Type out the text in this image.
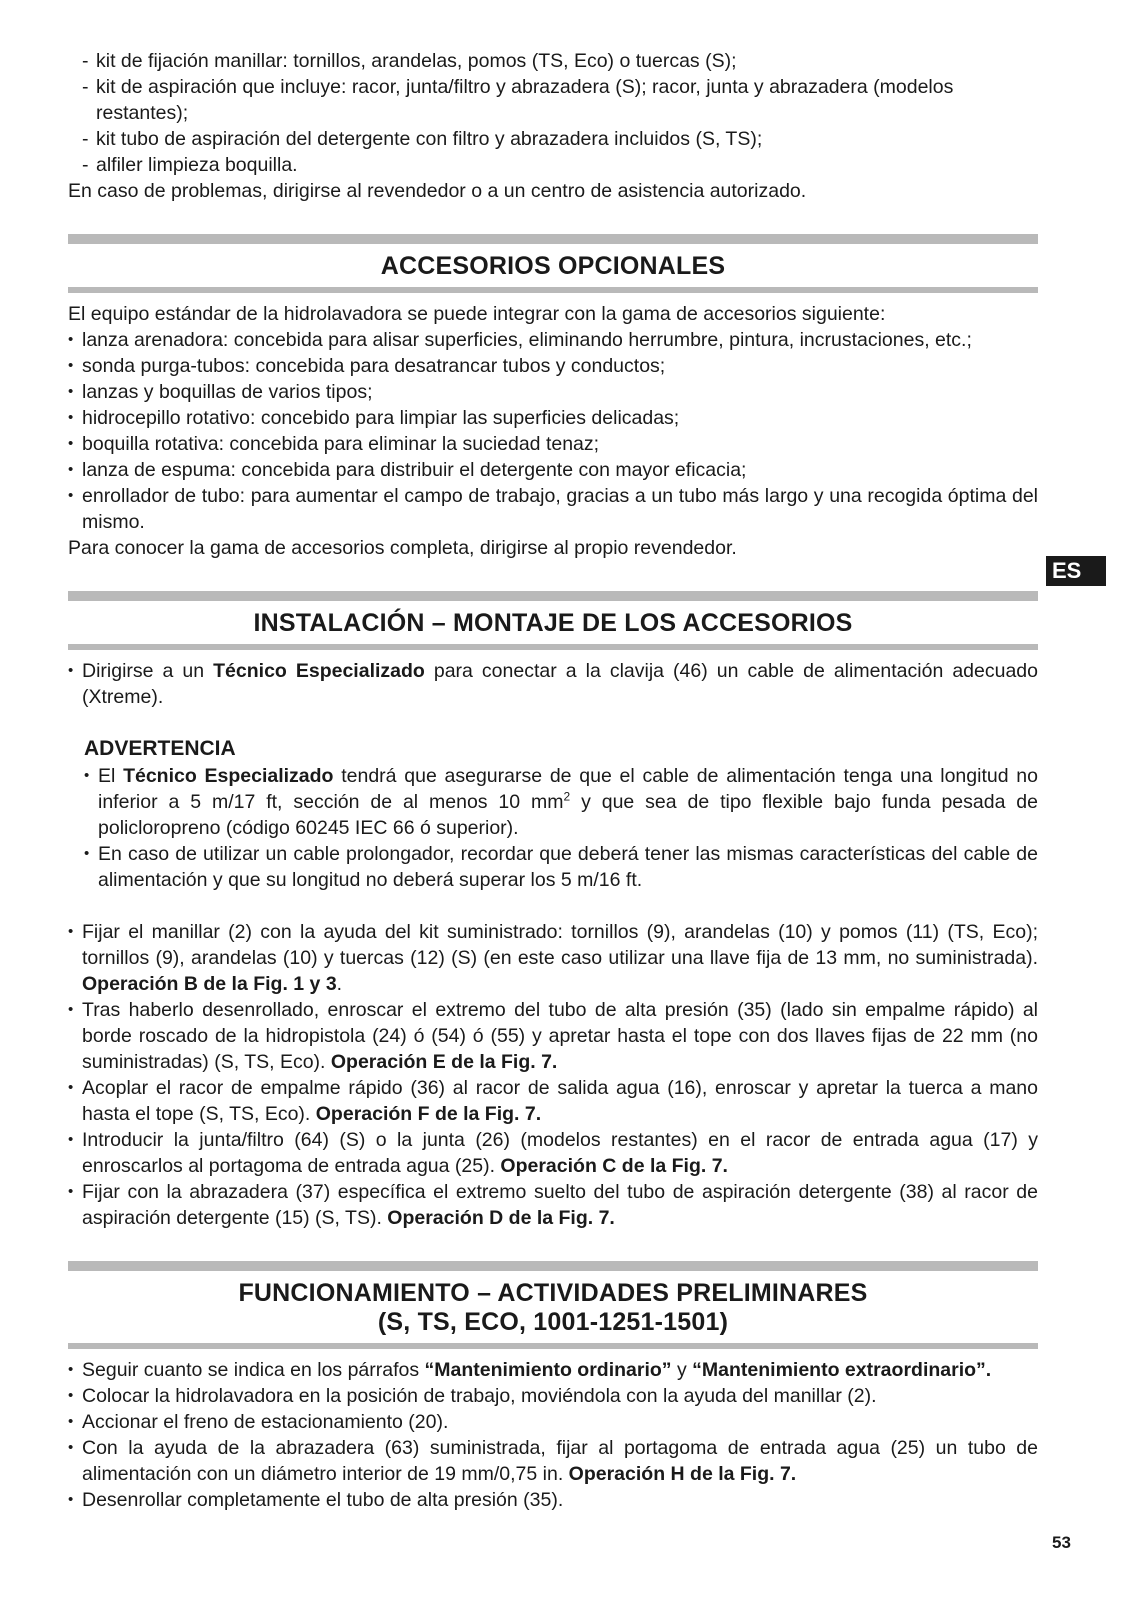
- kit de fijación manillar: tornillos, arandelas, pomos (TS, Eco) o tuercas (S);
- kit de aspiración que incluye: racor, junta/filtro y abrazadera (S); racor, junta y abrazadera (modelos restantes);
- kit tubo de aspiración del detergente con filtro y abrazadera incluidos (S, TS);
- alfiler limpieza boquilla.

En caso de problemas, dirigirse al revendedor o a un centro de asistencia autorizado.

ACCESORIOS OPCIONALES

El equipo estándar de la hidrolavadora se puede integrar con la gama de accesorios siguiente:

• lanza arenadora: concebida para alisar superficies, eliminando herrumbre, pintura, incrustaciones, etc.;
• sonda purga-tubos: concebida para desatrancar tubos y conductos;
• lanzas y boquillas de varios tipos;
• hidrocepillo rotativo: concebido para limpiar las superficies delicadas;
• boquilla rotativa: concebida para eliminar la suciedad tenaz;
• lanza de espuma: concebida para distribuir el detergente con mayor eficacia;
• enrollador de tubo: para aumentar el campo de trabajo, gracias a un tubo más largo y una recogida óptima del mismo.

Para conocer la gama de accesorios completa, dirigirse al propio revendedor.

INSTALACIÓN – MONTAJE DE LOS ACCESORIOS
• Dirigirse a un Técnico Especializado para conectar a la clavija (46) un cable de alimentación adecuado (Xtreme).
ADVERTENCIA
• El Técnico Especializado tendrá que asegurarse de que el cable de alimentación tenga una longitud no inferior a 5 m/17 ft, sección de al menos 10 $mm^2$ y que sea de tipo flexible bajo funda pesada de policloropreno (código 60245 IEC 66 ó superior).
• En caso de utilizar un cable prolongador, recordar que deberá tener las mismas características del cable de alimentación y que su longitud no deberá superar los 5 m/16 ft.
• Fijar el manillar (2) con la ayuda del kit suministrado: tornillos (9), arandelas (10) y pomos (11) (TS, Eco); tornillos (9), arandelas (10) y tuercas (12) (S) (en este caso utilizar una llave fija de 13 mm, no suministrada). Operación B de la Fig. 1 y 3.
• Tras haberlo desenrollado, enroscar el extremo del tubo de alta presión (35) (lado sin empalme rápido) al borde roscado de la hidropistola (24) ó (54) ó (55) y apretar hasta el tope con dos llaves fijas de 22 mm (no suministradas) (S, TS, Eco). Operación E de la Fig. 7.
• Acoplar el racor de empalme rápido (36) al racor de salida agua (16), enroscar y apretar la tuerca a mano hasta el tope (S, TS, Eco). Operación F de la Fig. 7.
• Introducir la junta/filtro (64) (S) o la junta (26) (modelos restantes) en el racor de entrada agua (17) y enroscarlos al portagoma de entrada agua (25). Operación C de la Fig. 7.
• Fijar con la abrazadera (37) específica el extremo suelto del tubo de aspiración detergente (38) al racor de aspiración detergente (15) (S, TS). Operación D de la Fig. 7.
FUNCIONAMIENTO – ACTIVIDADES PRELIMINARES
(S, TS, ECO, 1001-1251-1501)
• Seguir cuanto se indica en los párrafos “Mantenimiento ordinario” y “Mantenimiento extraordinario”.
• Colocar la hidrolavadora en la posición de trabajo, moviéndola con la ayuda del manillar (2).
• Accionar el freno de estacionamiento (20).
• Con la ayuda de la abrazadera (63) suministrada, fijar al portagoma de entrada agua (25) un tubo de alimentación con un diámetro interior de 19 mm/0,75 in. Operación H de la Fig. 7.
• Desenrollar completamente el tubo de alta presión (35).
ES
53
